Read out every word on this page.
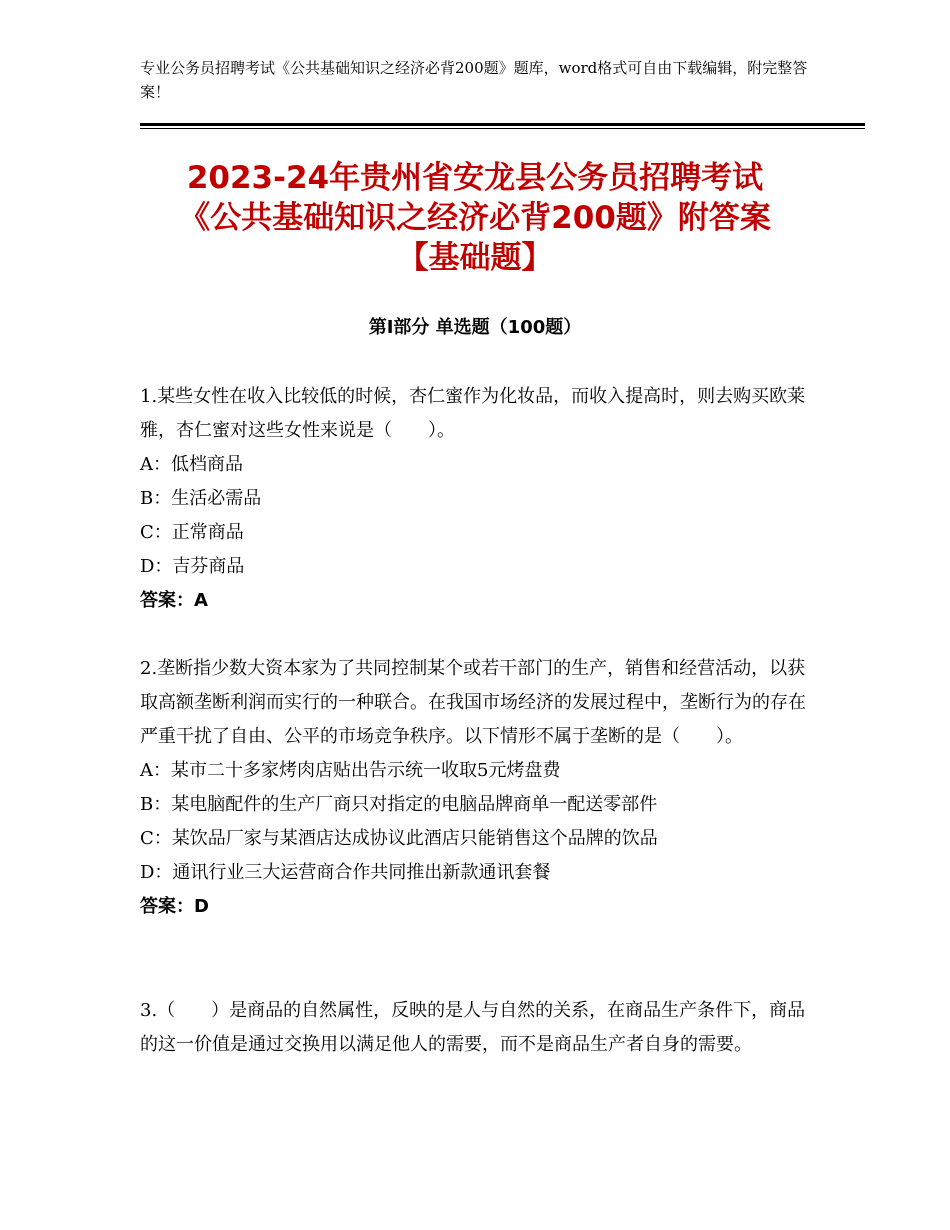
专业公务员招聘考试《公共基础知识之经济必背200题》题库，word格式可自由下载编辑，附完整答案！
2023-24年贵州省安龙县公务员招聘考试
《公共基础知识之经济必背200题》附答案
【基础题】
第Ⅰ部分 单选题（100题）

1.某些女性在收入比较低的时候，杏仁蜜作为化妆品，而收入提高时，则去购买欧莱雅，杏仁蜜对这些女性来说是（　　）。

A：低档商品

B：生活必需品

C：正常商品

D：吉芬商品

答案：A

2.垄断指少数大资本家为了共同控制某个或若干部门的生产，销售和经营活动，以获取高额垄断利润而实行的一种联合。在我国市场经济的发展过程中，垄断行为的存在严重干扰了自由、公平的市场竞争秩序。以下情形不属于垄断的是（　　）。

A：某市二十多家烤肉店贴出告示统一收取5元烤盘费

B：某电脑配件的生产厂商只对指定的电脑品牌商单一配送零部件

C：某饮品厂家与某酒店达成协议此酒店只能销售这个品牌的饮品

D：通讯行业三大运营商合作共同推出新款通讯套餐

答案：D

3.（　　）是商品的自然属性，反映的是人与自然的关系，在商品生产条件下，商品的这一价值是通过交换用以满足他人的需要，而不是商品生产者自身的需要。
